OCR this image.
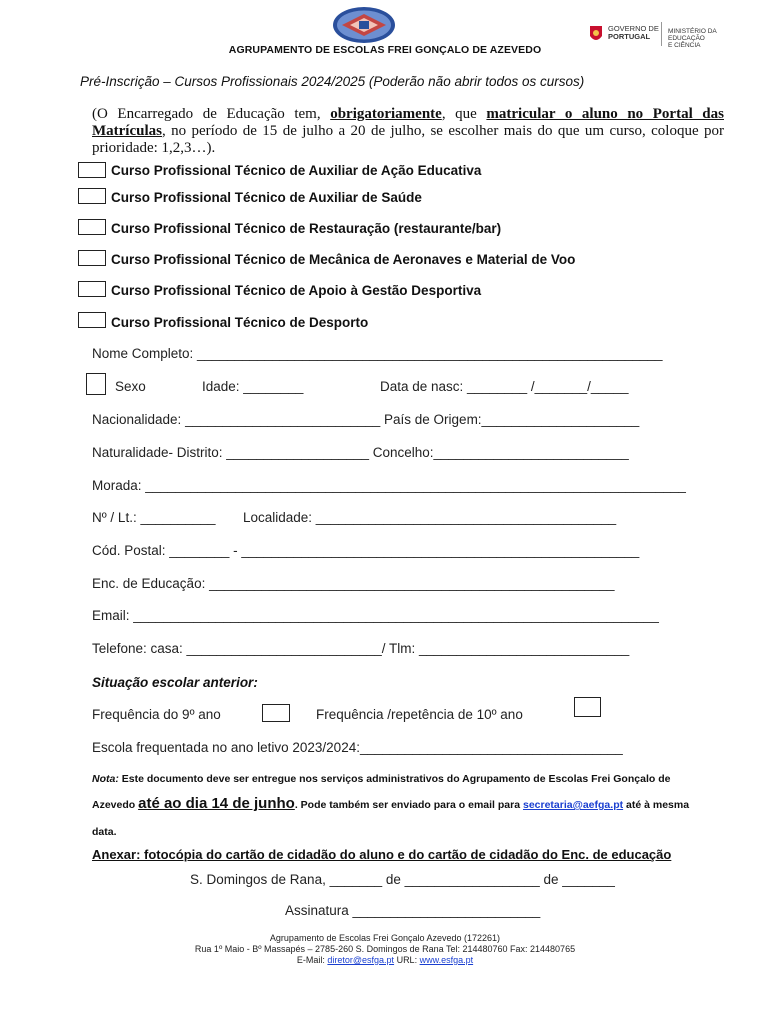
AGRUPAMENTO DE ESCOLAS FREI GONÇALO DE AZEVEDO
GOVERNO DE
PORTUGAL
MINISTÉRIO DA EDUCAÇÃO
E CIÊNCIA
Pré-Inscrição – Cursos Profissionais 2024/2025 (Poderão não abrir todos os cursos)
(O Encarregado de Educação tem, obrigatoriamente, que matricular o aluno no Portal das Matrículas, no período de 15 de julho a 20 de julho, se escolher mais do que um curso, coloque por prioridade: 1,2,3…).
Curso Profissional Técnico de Auxiliar de Ação Educativa
Curso Profissional Técnico de Auxiliar de Saúde
Curso Profissional Técnico de Restauração (restaurante/bar)
Curso Profissional Técnico de Mecânica de Aeronaves e Material de Voo
Curso Profissional Técnico de Apoio à Gestão Desportiva
Curso Profissional Técnico de Desporto
Nome Completo: ______________________________________________________________
Sexo	Idade: ________	Data de nasc: ________ /_______/_____
Nacionalidade: __________________________ País de Origem:_____________________
Naturalidade- Distrito: ___________________ Concelho:__________________________
Morada: ________________________________________________________________________
Nº / Lt.: __________ Localidade: ________________________________________
Cód. Postal: ________ - _____________________________________________________
Enc. de Educação: ______________________________________________________
Email: ______________________________________________________________________
Telefone: casa: __________________________/ Tlm: ____________________________
Situação escolar anterior:
Frequência do 9º ano	Frequência /repetência de 10º ano
Escola frequentada no ano letivo 2023/2024:___________________________________
Nota: Este documento deve ser entregue nos serviços administrativos do Agrupamento de Escolas Frei Gonçalo de
Azevedo até ao dia 14 de junho. Pode também ser enviado para o email para secretaria@aefga.pt até à mesma
data.
Anexar: fotocópia do cartão de cidadão do aluno e do cartão de cidadão do Enc. de educação
S. Domingos de Rana, _______ de __________________ de _______
Assinatura _________________________
Agrupamento de Escolas Frei Gonçalo Azevedo (172261)
Rua 1º Maio - Bº Massapés – 2785-260 S. Domingos de Rana Tel: 214480760 Fax: 214480765
E-Mail: diretor@esfga.pt URL: www.esfga.pt
